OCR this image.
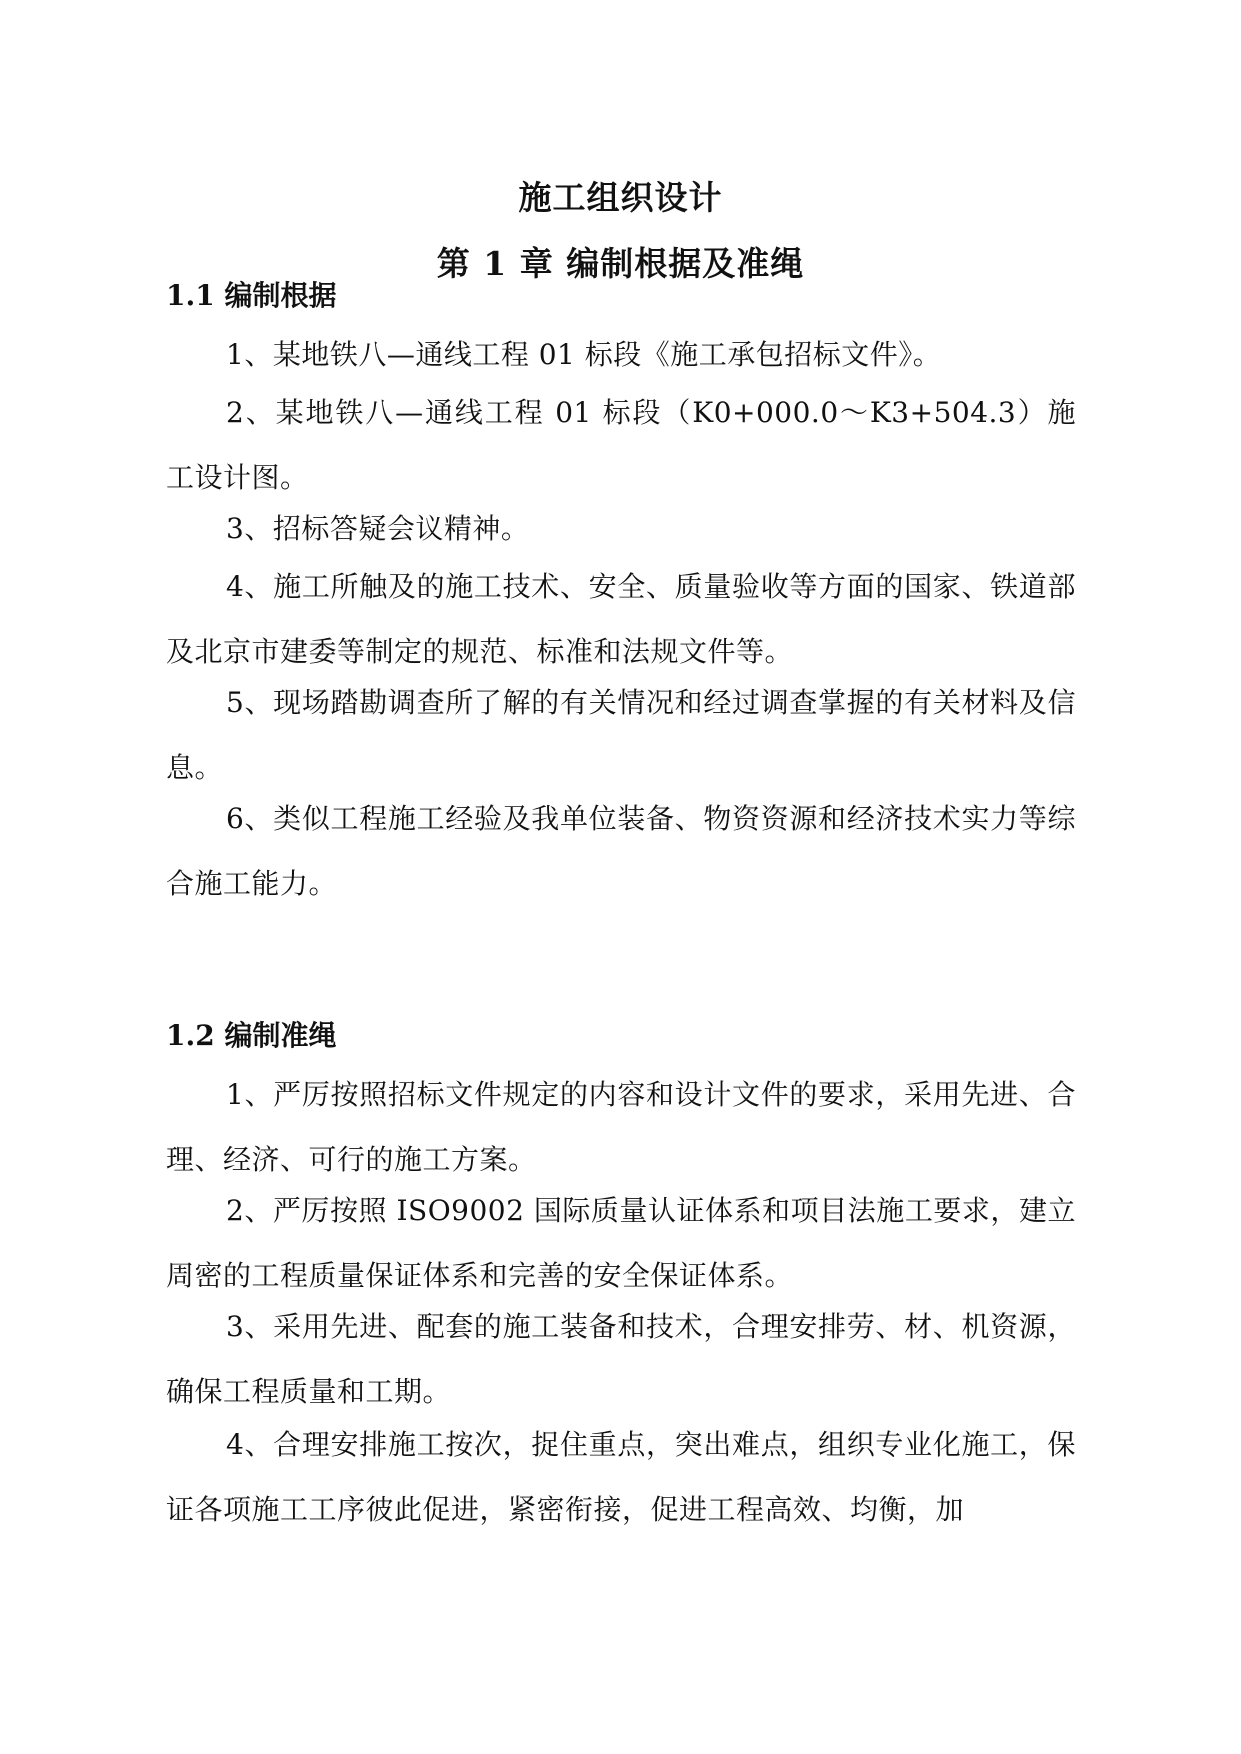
施工组织设计
第 1 章 编制根据及准绳
1.1 编制根据

1、某地铁八—通线工程 01 标段《施工承包招标文件》。

2、某地铁八—通线工程 01 标段（K0+000.0～K3+504.3）施工设计图。

3、招标答疑会议精神。

4、施工所触及的施工技术、安全、质量验收等方面的国家、铁道部及北京市建委等制定的规范、标准和法规文件等。

5、现场踏勘调查所了解的有关情况和经过调查掌握的有关材料及信息。

6、类似工程施工经验及我单位装备、物资资源和经济技术实力等综合施工能力。

1.2 编制准绳

1、严厉按照招标文件规定的内容和设计文件的要求，采用先进、合理、经济、可行的施工方案。

2、严厉按照 ISO9002 国际质量认证体系和项目法施工要求，建立周密的工程质量保证体系和完善的安全保证体系。

3、采用先进、配套的施工装备和技术，合理安排劳、材、机资源，确保工程质量和工期。

4、合理安排施工按次，捉住重点，突出难点，组织专业化施工，保证各项施工工序彼此促进，紧密衔接，促进工程高效、均衡，加
